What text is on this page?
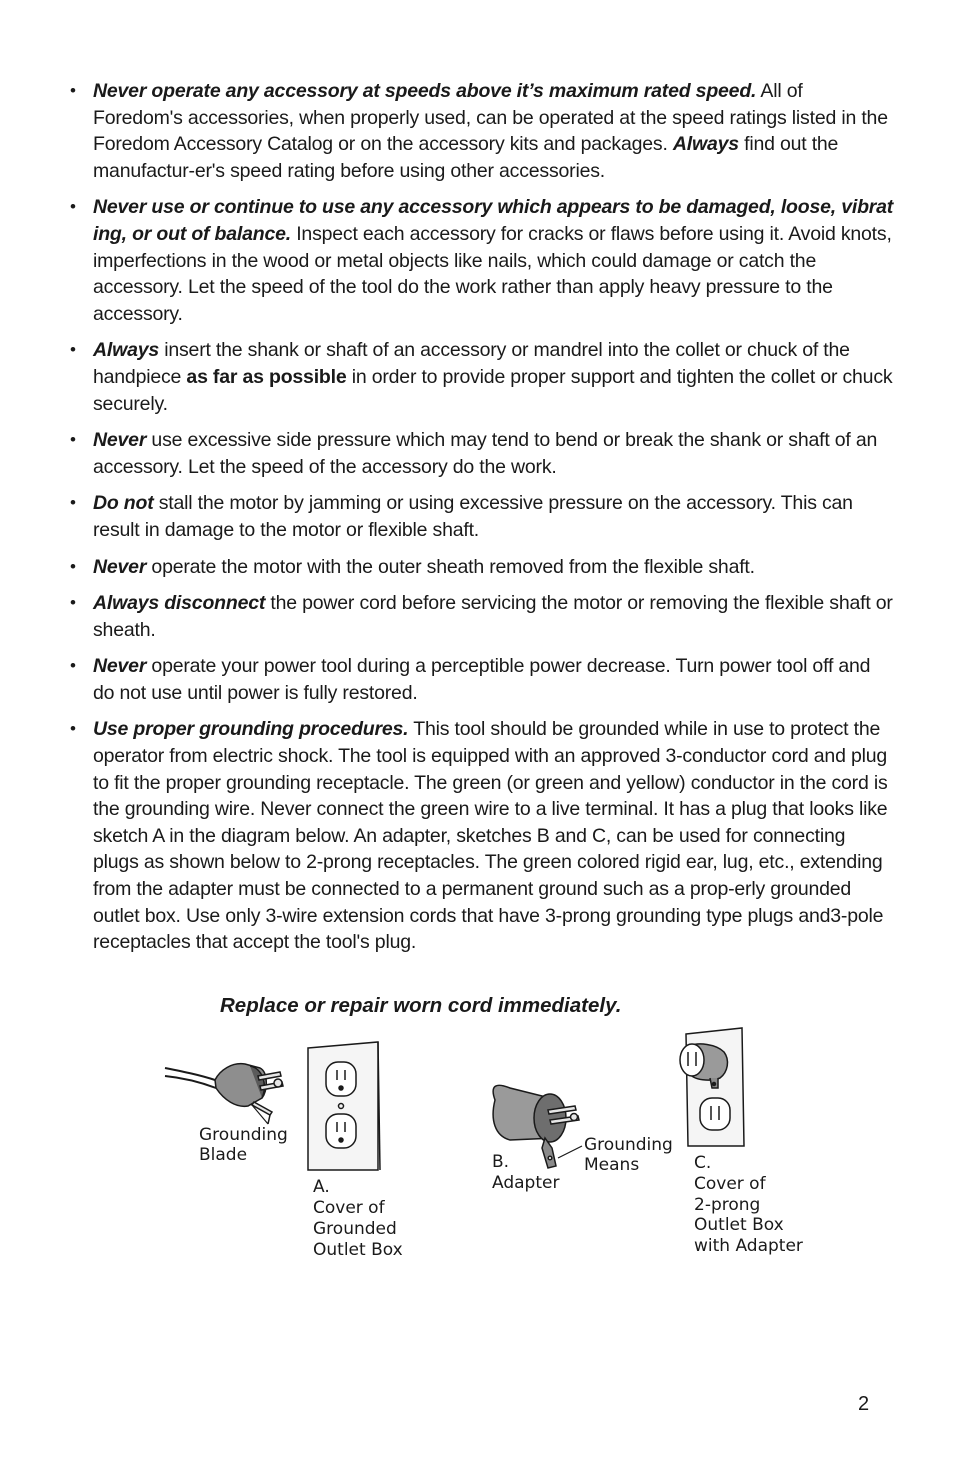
• Never operate any accessory at speeds above it’s maximum rated speed. All of Foredom's accessories, when properly used, can be operated at the speed ratings listed in the Foredom Accessory Catalog or on the accessory kits and packages. Always find out the manufactur-er's speed rating before using other accessories.
• Never use or continue to use any accessory which appears to be damaged, loose, vibrat ing, or out of balance. Inspect each accessory for cracks or flaws before using it. Avoid knots, imperfections in the wood or metal objects like nails, which could damage or catch the accessory. Let the speed of the tool do the work rather than apply heavy pressure to the accessory.
• Always insert the shank or shaft of an accessory or mandrel into the collet or chuck of the handpiece as far as possible in order to provide proper support and tighten the collet or chuck securely.
• Never use excessive side pressure which may tend to bend or break the shank or shaft of an accessory. Let the speed of the accessory do the work.
• Do not stall the motor by jamming or using excessive pressure on the accessory. This can result in damage to the motor or flexible shaft.
• Never operate the motor with the outer sheath removed from the flexible shaft.
• Always disconnect the power cord before servicing the motor or removing the flexible shaft or sheath.
• Never operate your power tool during a perceptible power decrease. Turn power tool off and do not use until power is fully restored.
• Use proper grounding procedures. This tool should be grounded while in use to protect the operator from electric shock. The tool is equipped with an approved 3-conductor cord and plug to fit the proper grounding receptacle. The green (or green and yellow) conductor in the cord is the grounding wire. Never connect the green wire to a live terminal. It has a plug that looks like sketch A in the diagram below. An adapter, sketches B and C, can be used for connecting plugs as shown below to 2-prong receptacles. The green colored rigid ear, lug, etc., extending from the adapter must be connected to a permanent ground such as a prop-erly grounded outlet box. Use only 3-wire extension cords that have 3-prong grounding type plugs and3-pole receptacles that accept the tool's plug.

Replace or repair worn cord immediately.

Grounding
Blade
A.
Cover of
Grounded
Outlet Box
B.
Adapter
Grounding
Means	C.
Cover of
2-prong
Outlet Box
with Adapter
2
